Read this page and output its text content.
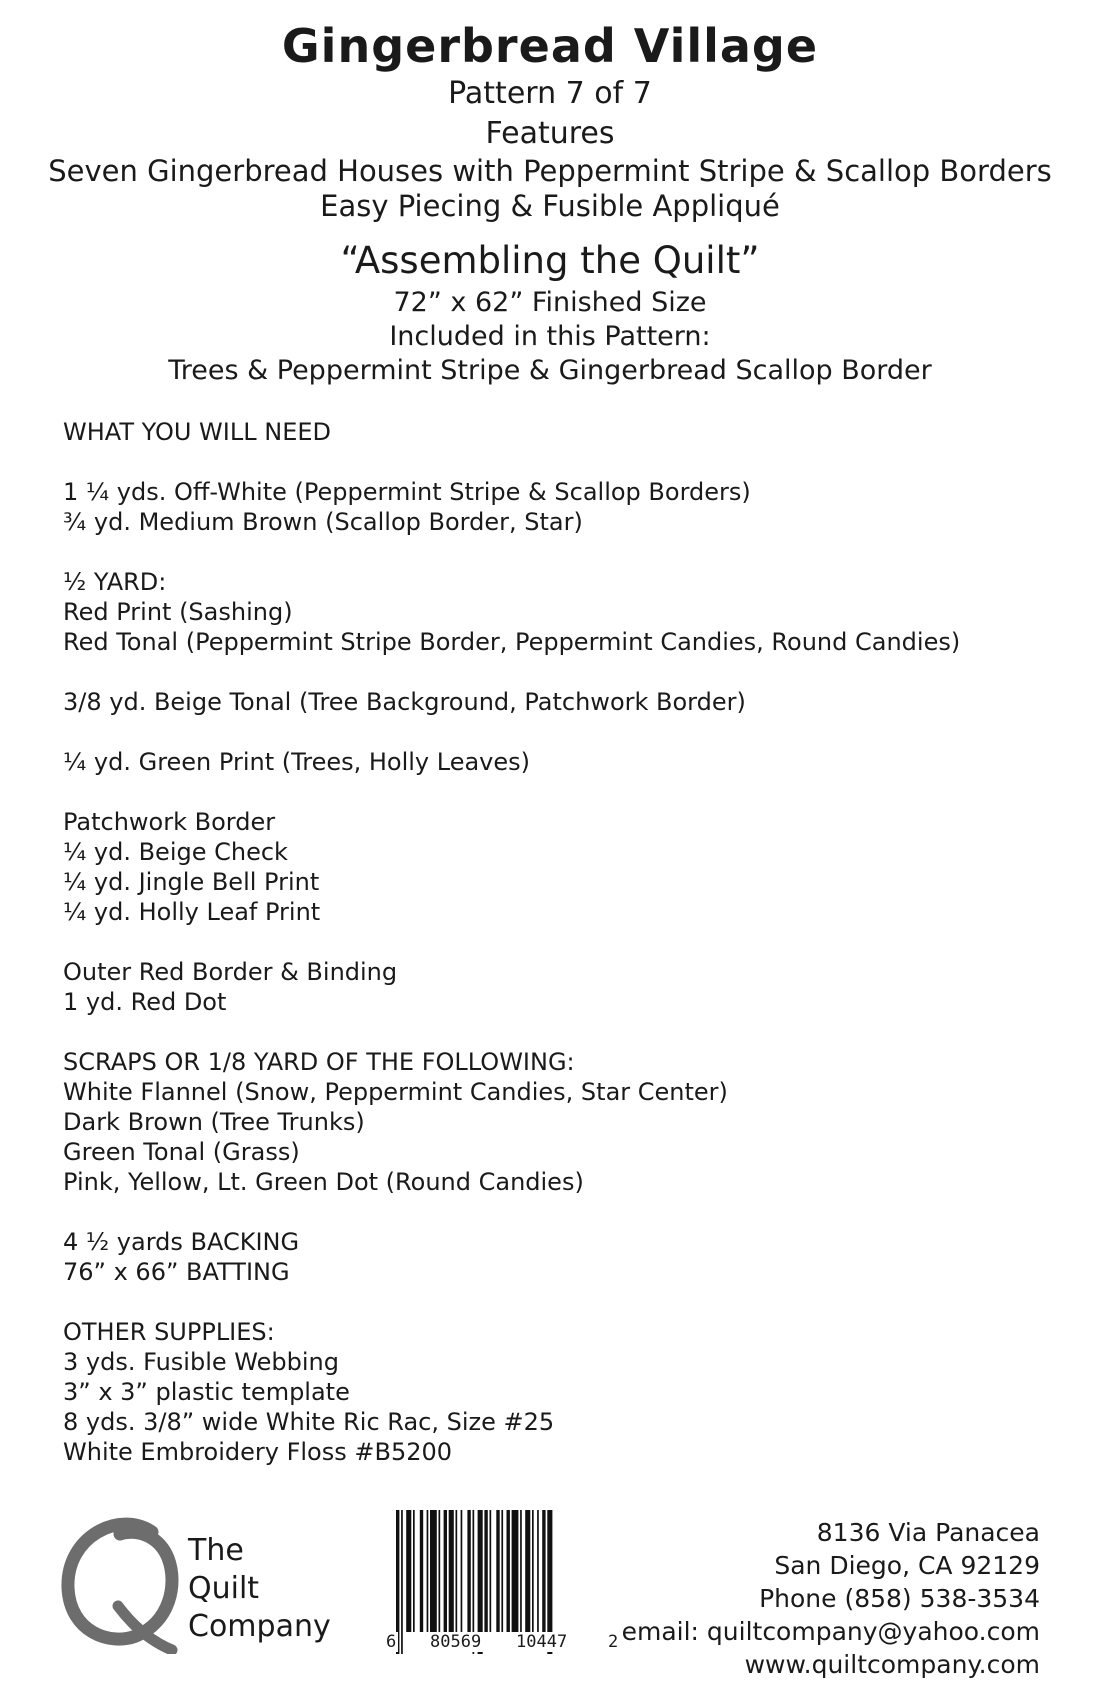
Gingerbread Village

Pattern 7 of 7

Features

Seven Gingerbread Houses with Peppermint Stripe & Scallop Borders

Easy Piecing & Fusible Appliqué

“Assembling the Quilt”

72” x 62” Finished Size

Included in this Pattern:

Trees & Peppermint Stripe & Gingerbread Scallop Border

WHAT YOU WILL NEED

1 ¼ yds. Off-White (Peppermint Stripe & Scallop Borders)

¾ yd. Medium Brown (Scallop Border, Star)

½ YARD:

Red Print (Sashing)

Red Tonal (Peppermint Stripe Border, Peppermint Candies, Round Candies)

3/8 yd. Beige Tonal (Tree Background, Patchwork Border)

¼ yd. Green Print (Trees, Holly Leaves)

Patchwork Border

¼ yd. Beige Check

¼ yd. Jingle Bell Print

¼ yd. Holly Leaf Print

Outer Red Border & Binding

1 yd. Red Dot

SCRAPS OR 1/8 YARD OF THE FOLLOWING:

White Flannel (Snow, Peppermint Candies, Star Center)

Dark Brown (Tree Trunks)

Green Tonal (Grass)

Pink, Yellow, Lt. Green Dot (Round Candies)

4 ½ yards BACKING

76” x 66” BATTING

OTHER SUPPLIES:

3 yds. Fusible Webbing

3” x 3” plastic template

8 yds. 3/8” wide White Ric Rac, Size #25

White Embroidery Floss #B5200

The

Quilt

Company	6 80569 10447 2

8136 Via Panacea

San Diego, CA 92129

Phone (858) 538-3534

email: quiltcompany@yahoo.com

www.quiltcompany.com
